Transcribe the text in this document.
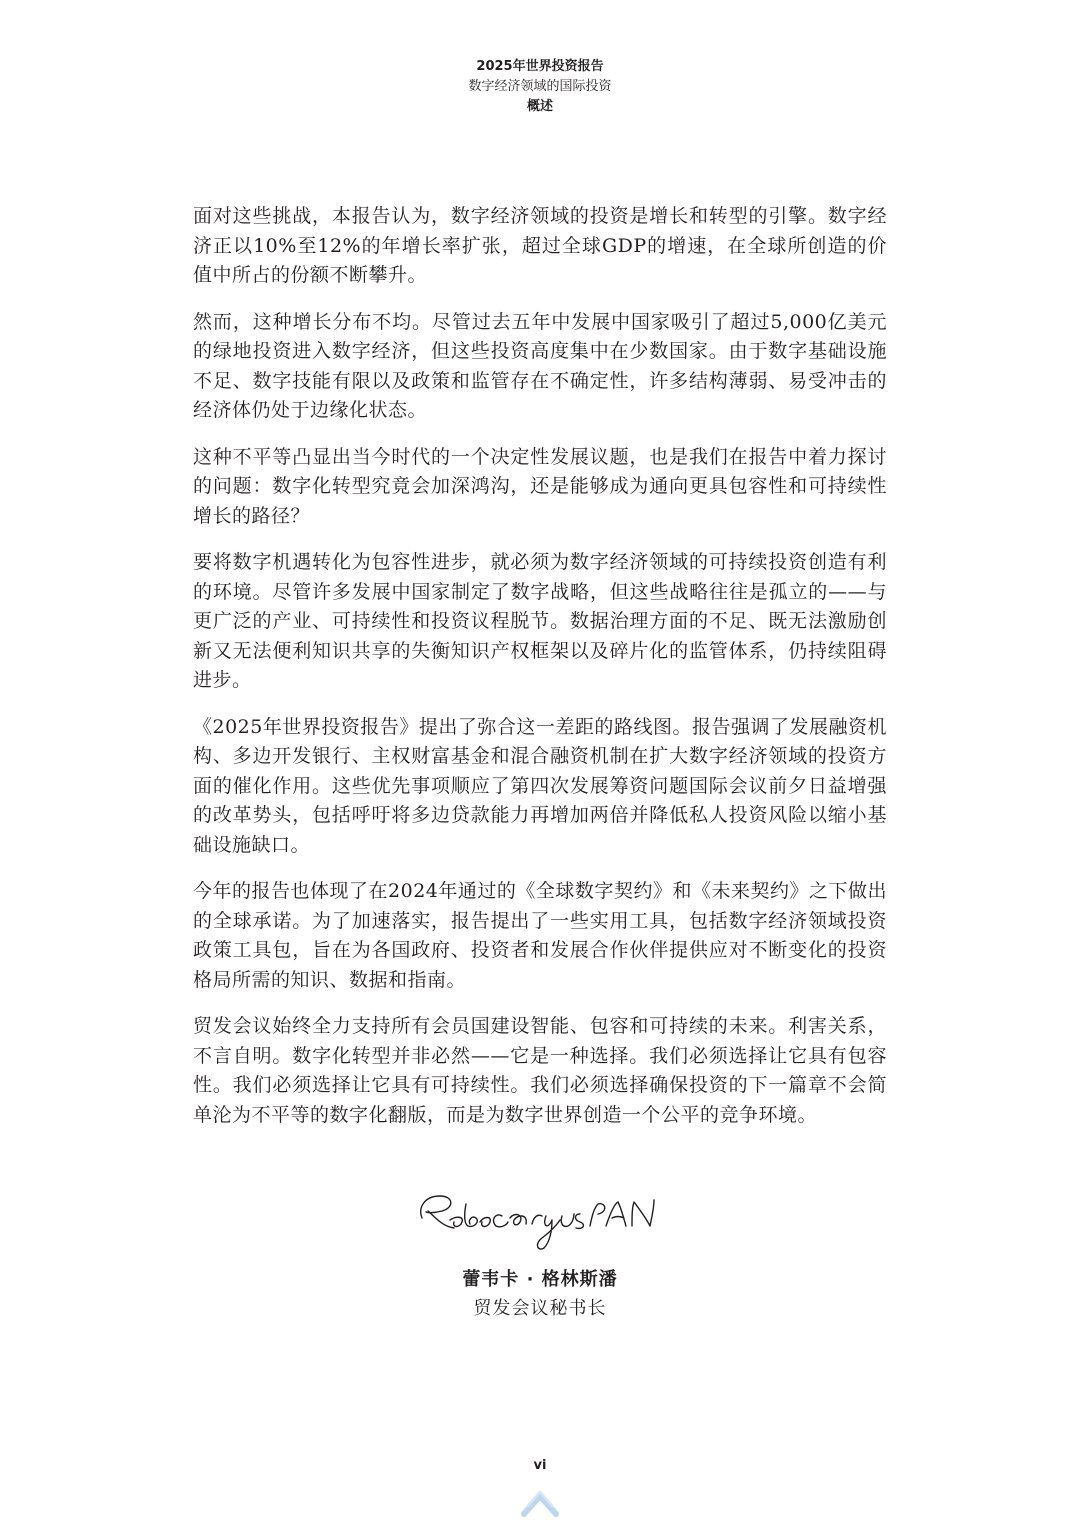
2025年世界投资报告
数字经济领域的国际投资
概述

面对这些挑战，本报告认为，数字经济领域的投资是增长和转型的引擎。数字经济正以10%至12%的年增长率扩张，超过全球GDP的增速，在全球所创造的价值中所占的份额不断攀升。

然而，这种增长分布不均。尽管过去五年中发展中国家吸引了超过5,000亿美元的绿地投资进入数字经济，但这些投资高度集中在少数国家。由于数字基础设施不足、数字技能有限以及政策和监管存在不确定性，许多结构薄弱、易受冲击的经济体仍处于边缘化状态。

这种不平等凸显出当今时代的一个决定性发展议题，也是我们在报告中着力探讨的问题：数字化转型究竟会加深鸿沟，还是能够成为通向更具包容性和可持续性增长的路径？

要将数字机遇转化为包容性进步，就必须为数字经济领域的可持续投资创造有利的环境。尽管许多发展中国家制定了数字战略，但这些战略往往是孤立的——与更广泛的产业、可持续性和投资议程脱节。数据治理方面的不足、既无法激励创新又无法便利知识共享的失衡知识产权框架以及碎片化的监管体系，仍持续阻碍进步。

《2025年世界投资报告》提出了弥合这一差距的路线图。报告强调了发展融资机构、多边开发银行、主权财富基金和混合融资机制在扩大数字经济领域的投资方面的催化作用。这些优先事项顺应了第四次发展筹资问题国际会议前夕日益增强的改革势头，包括呼吁将多边贷款能力再增加两倍并降低私人投资风险以缩小基础设施缺口。

今年的报告也体现了在2024年通过的《全球数字契约》和《未来契约》之下做出的全球承诺。为了加速落实，报告提出了一些实用工具，包括数字经济领域投资政策工具包，旨在为各国政府、投资者和发展合作伙伴提供应对不断变化的投资格局所需的知识、数据和指南。

贸发会议始终全力支持所有会员国建设智能、包容和可持续的未来。利害关系，不言自明。数字化转型并非必然——它是一种选择。我们必须选择让它具有包容性。我们必须选择让它具有可持续性。我们必须选择确保投资的下一篇章不会简单沦为不平等的数字化翻版，而是为数字世界创造一个公平的竞争环境。

蕾韦卡 · 格林斯潘
贸发会议秘书长
vi
